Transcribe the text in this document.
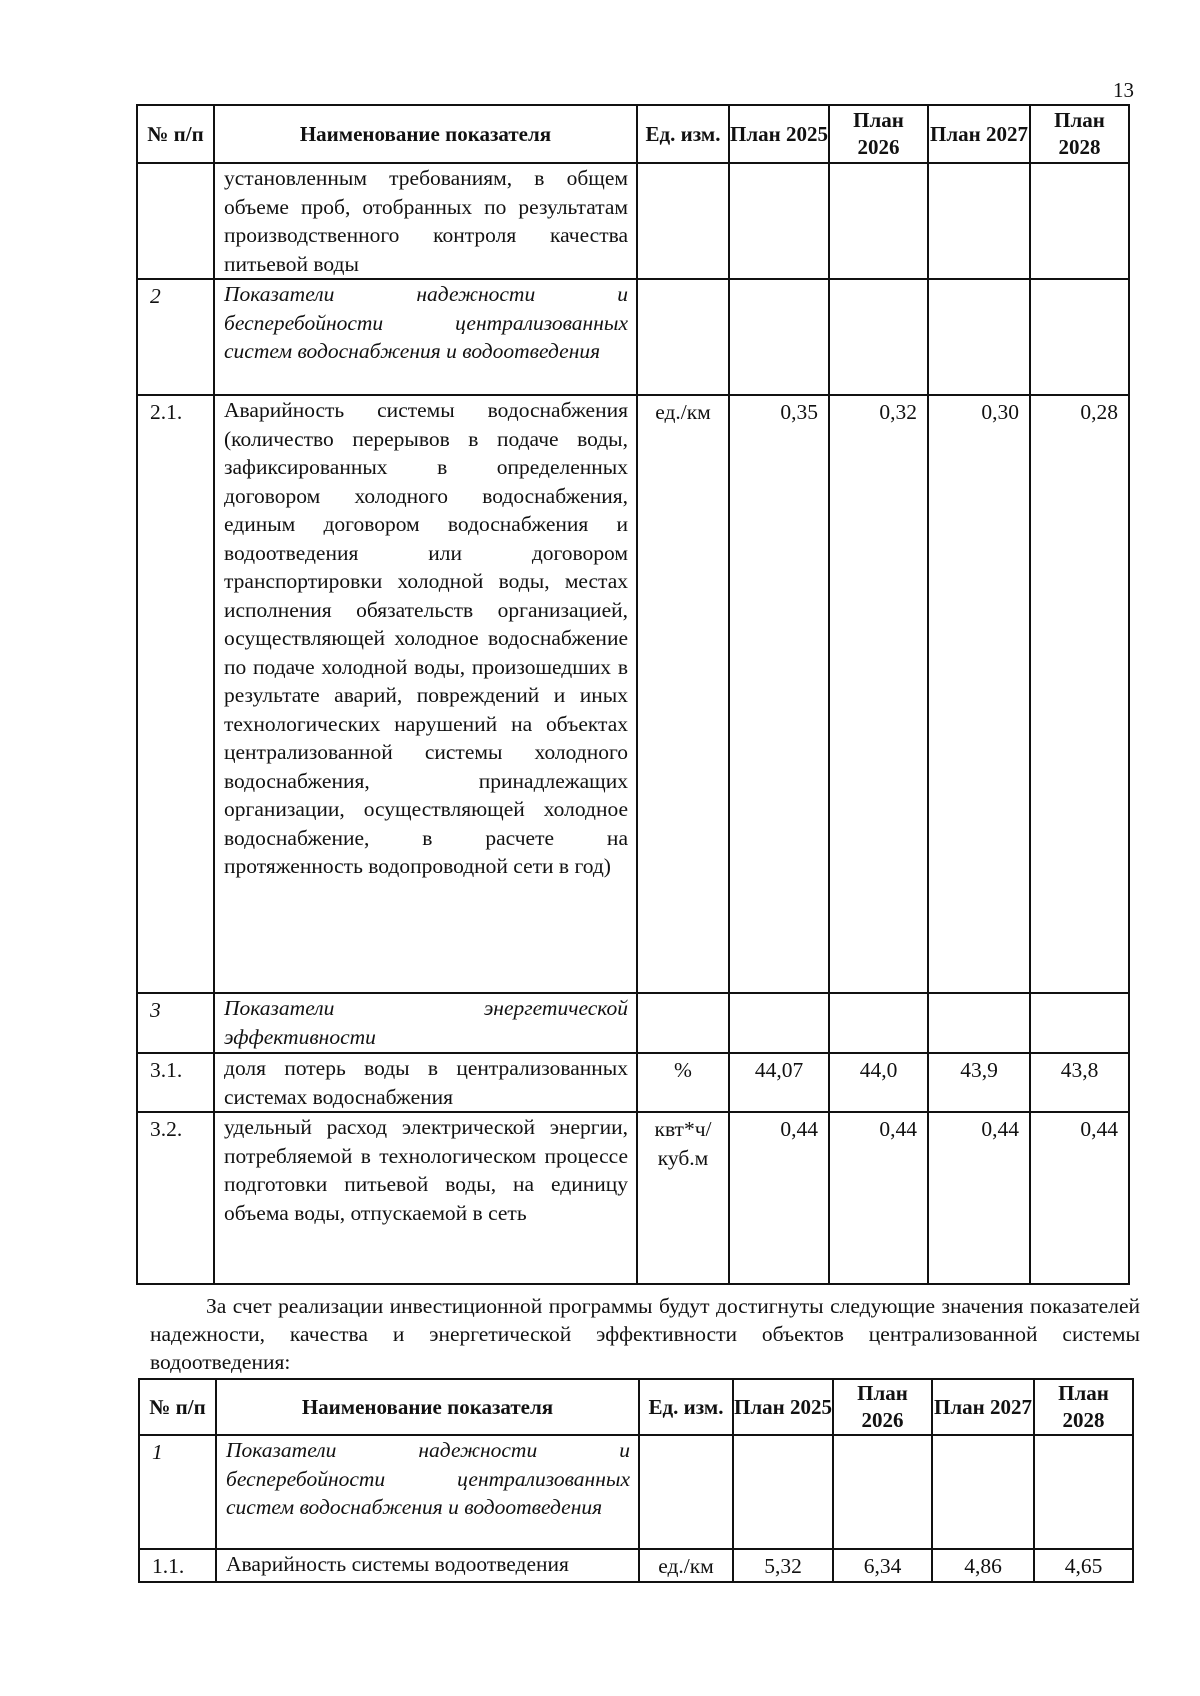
13
№ п/п	Наименование показателя	Ед. изм.	План 2025	План 2026	План 2027	План 2028
	установленным требованиям, в общем объеме проб, отобранных по результатам производственного контроля качества питьевой воды					
2	Показатели надежности и бесперебойности централизованных систем водоснабжения и водоотведения					
2.1.	Аварийность системы водоснабжения (количество перерывов в подаче воды, зафиксированных в определенных договором холодного водоснабжения, единым договором водоснабжения и водоотведения или договором транспортировки холодной воды, местах исполнения обязательств организацией, осуществляющей холодное водоснабжение по подаче холодной воды, произошедших в результате аварий, повреждений и иных технологических нарушений на объектах централизованной системы холодного водоснабжения, принадлежащих организации, осуществляющей холодное водоснабжение, в расчете на протяженность водопроводной сети в год)	ед./км	0,35	0,32	0,30	0,28
3	Показатели энергетической эффективности					
3.1.	доля потерь воды в централизованных системах водоснабжения	%	44,07	44,0	43,9	43,8
3.2.	удельный расход электрической энергии, потребляемой в технологическом процессе подготовки питьевой воды, на единицу объема воды, отпускаемой в сеть	квт*ч/ куб.м	0,44	0,44	0,44	0,44

За счет реализации инвестиционной программы будут достигнуты следующие значения показателей надежности, качества и энергетической эффективности объектов централизованной системы водоотведения:

№ п/п	Наименование показателя	Ед. изм.	План 2025	План 2026	План 2027	План 2028
1	Показатели надежности и бесперебойности централизованных систем водоснабжения и водоотведения					
1.1.	Аварийность системы водоотведения	ед./км	5,32	6,34	4,86	4,65
